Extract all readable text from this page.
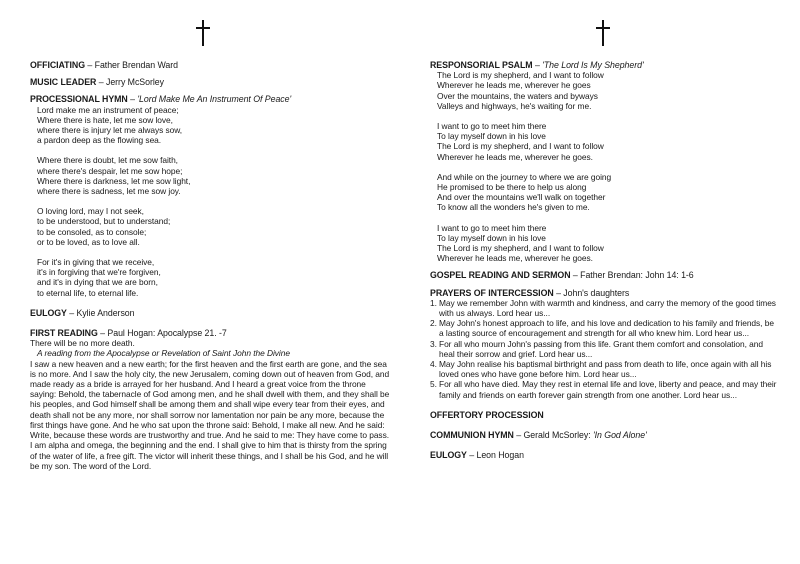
OFFICIATING – Father Brendan Ward
MUSIC LEADER – Jerry McSorley
PROCESSIONAL HYMN – 'Lord Make Me An Instrument Of Peace'
Lord make me an instrument of peace;
Where there is hate, let me sow love,
where there is injury let me always sow,
a pardon deep as the flowing sea.
Where there is doubt, let me sow faith,
where there's despair, let me sow hope;
Where there is darkness, let me sow light,
where there is sadness, let me sow joy.
O loving lord, may I not seek,
to be understood, but to understand;
to be consoled, as to console;
or to be loved, as to love all.
For it's in giving that we receive,
it's in forgiving that we're forgiven,
and it's in dying that we are born,
to eternal life, to eternal life.
EULOGY – Kylie Anderson
FIRST READING – Paul Hogan: Apocalypse 21. -7
There will be no more death.
A reading from the Apocalypse or Revelation of Saint John the Divine

I saw a new heaven and a new earth; for the first heaven and the first earth are gone, and the sea is no more. And I saw the holy city, the new Jerusalem, coming down out of heaven from God, and made ready as a bride is arrayed for her husband. And I heard a great voice from the throne saying: Behold, the tabernacle of God among men, and he shall dwell with them, and they shall be his peoples, and God himself shall be among them and shall wipe every tear from their eyes, and death shall not be any more, nor shall sorrow nor lamentation nor pain be any more, because the first things have gone. And he who sat upon the throne said: Behold, I make all new. And he said: Write, because these words are trustworthy and true. And he said to me: They have come to pass. I am alpha and omega, the beginning and the end. I shall give to him that is thirsty from the spring of the water of life, a free gift. The victor will inherit these things, and I shall be his God, and he will be my son. The word of the Lord.

RESPONSORIAL PSALM – 'The Lord Is My Shepherd'
The Lord is my shepherd, and I want to follow
Wherever he leads me, wherever he goes
Over the mountains, the waters and byways
Valleys and highways, he's waiting for me.
I want to go to meet him there
To lay myself down in his love
The Lord is my shepherd, and I want to follow
Wherever he leads me, wherever he goes.
And while on the journey to where we are going
He promised to be there to help us along
And over the mountains we'll walk on together
To know all the wonders he's given to me.
I want to go to meet him there
To lay myself down in his love
The Lord is my shepherd, and I want to follow
Wherever he leads me, wherever he goes.
GOSPEL READING AND SERMON – Father Brendan: John 14: 1-6
PRAYERS OF INTERCESSION – John's daughters
1. May we remember John with warmth and kindness, and carry the memory of the good times with us always. Lord hear us...
2. May John's honest approach to life, and his love and dedication to his family and friends, be a lasting source of encouragement and strength for all who knew him. Lord hear us...
3. For all who mourn John's passing from this life. Grant them comfort and consolation, and heal their sorrow and grief. Lord hear us...
4. May John realise his baptismal birthright and pass from death to life, once again with all his loved ones who have gone before him. Lord hear us...
5. For all who have died. May they rest in eternal life and love, liberty and peace, and may their family and friends on earth forever gain strength from one another. Lord hear us...
OFFERTORY PROCESSION
COMMUNION HYMN – Gerald McSorley: 'In God Alone'
EULOGY – Leon Hogan
